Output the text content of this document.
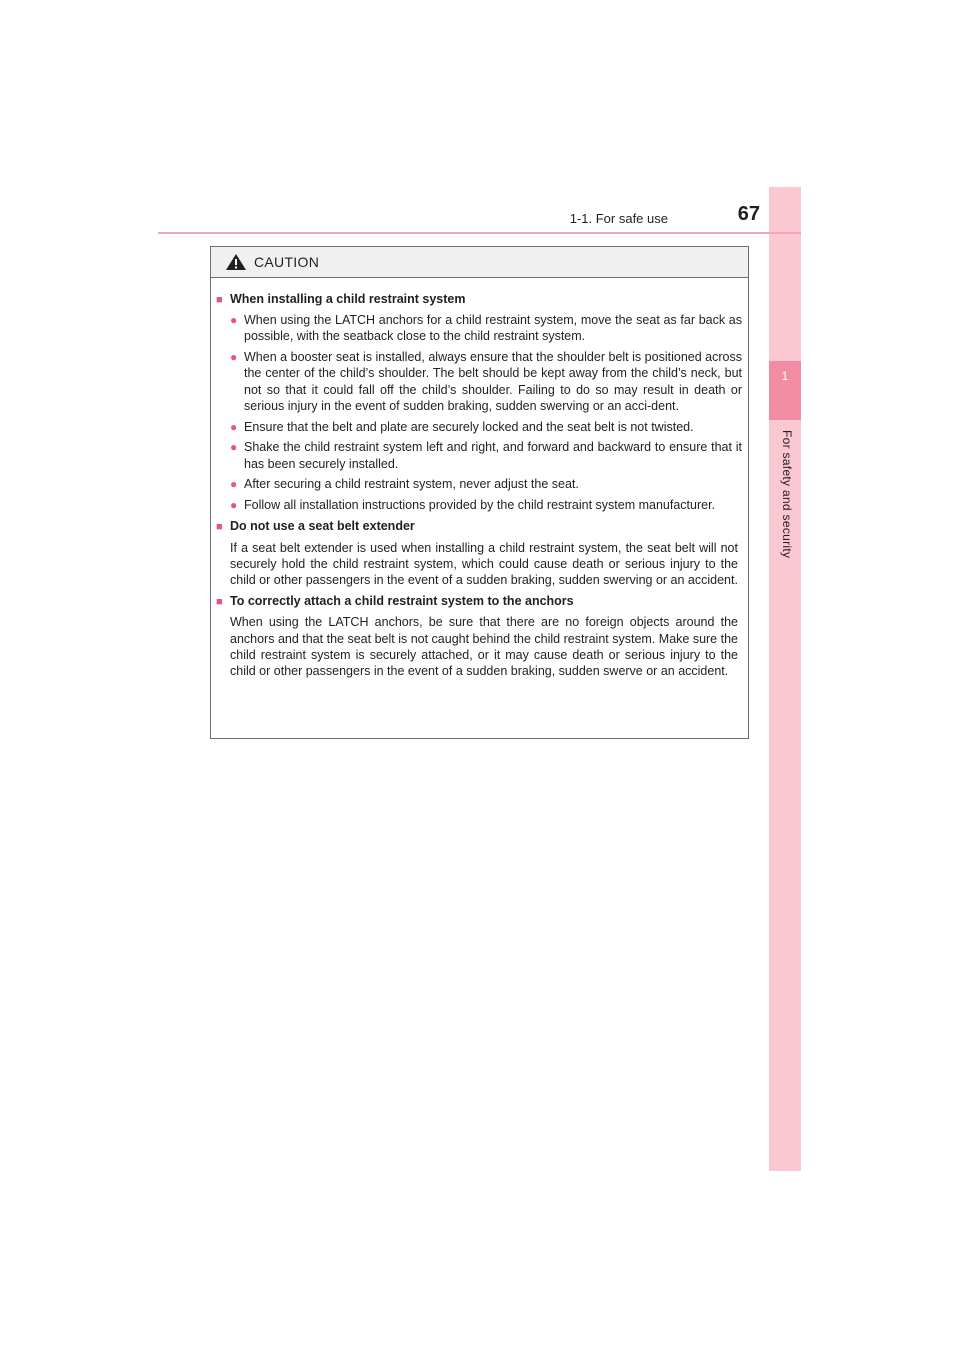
1
For safety and security
1-1. For safe use	67
CAUTION
■ When installing a child restraint system
● When using the LATCH anchors for a child restraint system, move the seat as far back as possible, with the seatback close to the child restraint system.
● When a booster seat is installed, always ensure that the shoulder belt is positioned across the center of the child’s shoulder. The belt should be kept away from the child’s neck, but not so that it could fall off the child’s shoulder. Failing to do so may result in death or serious injury in the event of sudden braking, sudden swerving or an acci-dent.
● Ensure that the belt and plate are securely locked and the seat belt is not twisted.
● Shake the child restraint system left and right, and forward and backward to ensure that it has been securely installed.
● After securing a child restraint system, never adjust the seat.
● Follow all installation instructions provided by the child restraint system manufacturer.
■ Do not use a seat belt extender
If a seat belt extender is used when installing a child restraint system, the seat belt will not securely hold the child restraint system, which could cause death or serious injury to the child or other passengers in the event of a sudden braking, sudden swerving or an accident.
■ To correctly attach a child restraint system to the anchors
When using the LATCH anchors, be sure that there are no foreign objects around the anchors and that the seat belt is not caught behind the child restraint system. Make sure the child restraint system is securely attached, or it may cause death or serious injury to the child or other passengers in the event of a sudden braking, sudden swerve or an accident.
